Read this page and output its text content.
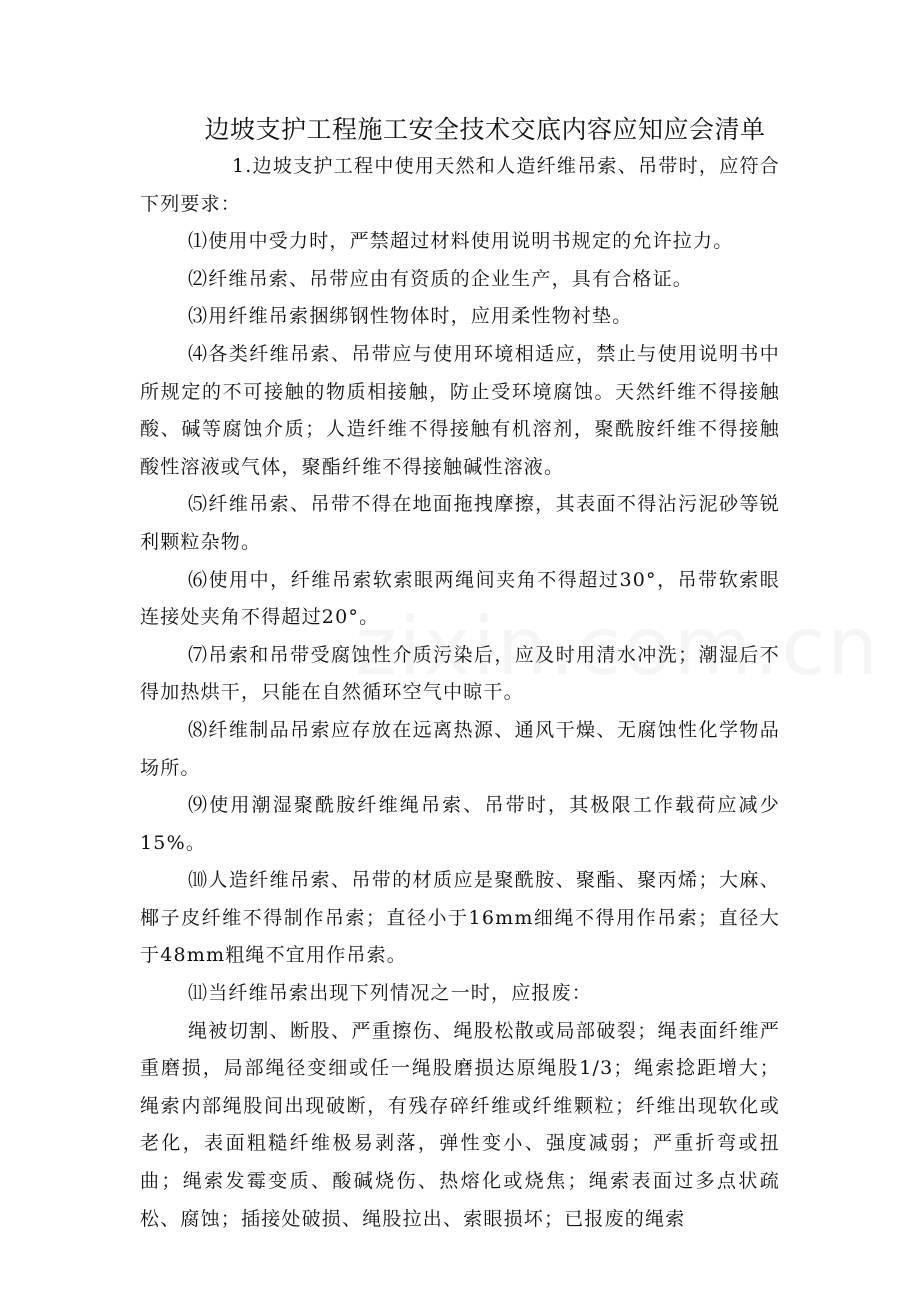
边坡支护工程施工安全技术交底内容应知应会清单

1.边坡支护工程中使用天然和人造纤维吊索、吊带时，应符合下列要求：

⑴使用中受力时，严禁超过材料使用说明书规定的允许拉力。

⑵纤维吊索、吊带应由有资质的企业生产，具有合格证。

⑶用纤维吊索捆绑钢性物体时，应用柔性物衬垫。

⑷各类纤维吊索、吊带应与使用环境相适应，禁止与使用说明书中所规定的不可接触的物质相接触，防止受环境腐蚀。天然纤维不得接触酸、碱等腐蚀介质；人造纤维不得接触有机溶剂，聚酰胺纤维不得接触酸性溶液或气体，聚酯纤维不得接触碱性溶液。

⑸纤维吊索、吊带不得在地面拖拽摩擦，其表面不得沾污泥砂等锐利颗粒杂物。

⑹使用中，纤维吊索软索眼两绳间夹角不得超过30°，吊带软索眼连接处夹角不得超过20°。

⑺吊索和吊带受腐蚀性介质污染后，应及时用清水冲洗；潮湿后不得加热烘干，只能在自然循环空气中晾干。

⑻纤维制品吊索应存放在远离热源、通风干燥、无腐蚀性化学物品场所。

⑼使用潮湿聚酰胺纤维绳吊索、吊带时，其极限工作载荷应减少15%。

⑽人造纤维吊索、吊带的材质应是聚酰胺、聚酯、聚丙烯；大麻、椰子皮纤维不得制作吊索；直径小于16mm细绳不得用作吊索；直径大于48mm粗绳不宜用作吊索。

⑾当纤维吊索出现下列情况之一时，应报废：

绳被切割、断股、严重擦伤、绳股松散或局部破裂；绳表面纤维严重磨损，局部绳径变细或任一绳股磨损达原绳股1/3；绳索捻距增大；绳索内部绳股间出现破断，有残存碎纤维或纤维颗粒；纤维出现软化或老化，表面粗糙纤维极易剥落，弹性变小、强度减弱；严重折弯或扭曲；绳索发霉变质、酸碱烧伤、热熔化或烧焦；绳索表面过多点状疏松、腐蚀；插接处破损、绳股拉出、索眼损坏；已报废的绳索
